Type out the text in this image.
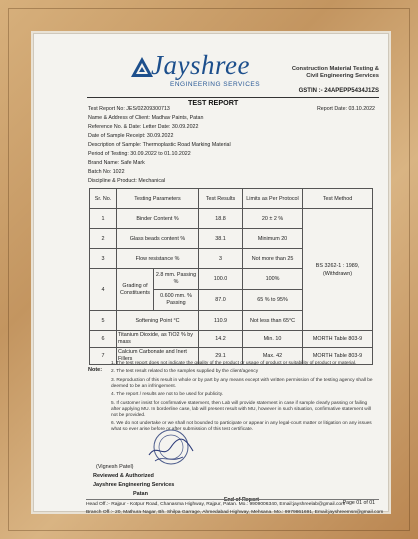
Jayshree
ENGINEERING SERVICES
Construction Material Testing &
Civil Engineering Services
GSTIN :- 24APEPP5434J1ZS
TEST REPORT
Test Report No: JES/02209300713	Report Date: 03.10.2022
Name & Address of Client: Madhav Paints, Patan
Reference No. & Date: Letter Date: 30.09.2022
Date of Sample Receipt: 30.09.2022
Description of Sample: Thermoplastic Road Marking Material
Period of Testing: 30.09.2022 to 01.10.2022
Brand Name: Safe Mark
Batch No: 1022
Discipline & Product: Mechanical
Sr. No.	Testing Parameters		Test Results	Limits as Per Protocol	Test Method
1	Binder Content %		18.8	20 ± 2 %	BS 3262-1 : 1989, (Withdrawn)
2	Glass beads content %		38.1	Minimum 20	
3	Flow resistance %		3	Not more than 25	
4	Grading of Constituents	2.8 mm. Passing %	100.0	100%	
		0.600 mm. % Passing	87.0	65 % to 95%	
5	Softening Point °C		110.9	Not less than 65°C	
6	Titanium Dioxide, as TiO2 % by mass		14.2	Min. 10	MORTH Table 803-9
7	Calcium Carbonate and Inert Fillers		29.1	Max. 42	MORTH Table 803-9
Note:
1. The test report does not indicate the quality of the product or usage of product or suitability of product or material.
2. The test result related to the samples supplied by the client/agency
3. Reproduction of this result in whole or by part by any means except with written permission of the testing agency shall be deemed to be an infringement.
4. The report / results are not to be used for publicity.
5. If customer insist for confirmative statement, then Lab will provide statement in case if sample clearly passing or failing after applying MU. In borderline case, lab will present result with MU, however in such situation, confirmative statement will not be provided.
6. We do not undertake or we shall not bounded to participate or appear in any legal-court matter or litigation on any issues what so ever arise before or after submission of this test certificate.
(Vignesh Patel)
Reviewed & Authorized
Jayshree Engineering Services
Patan
End of Report	Page 01 of 01
Head Off.:- Rajpur - Kotpur Road, Chanasma Highway, Rajpur, Patan. Mo.: 9909006340, Email:jayshreelab@gmail.com
Branch Off.:- 20, Mathura Nagar, Bh. Shilpa Garrage, Ahmedabad Highway, Mehsana. Mo.: 9979861691, Email:jayshreemsn@gmail.com
